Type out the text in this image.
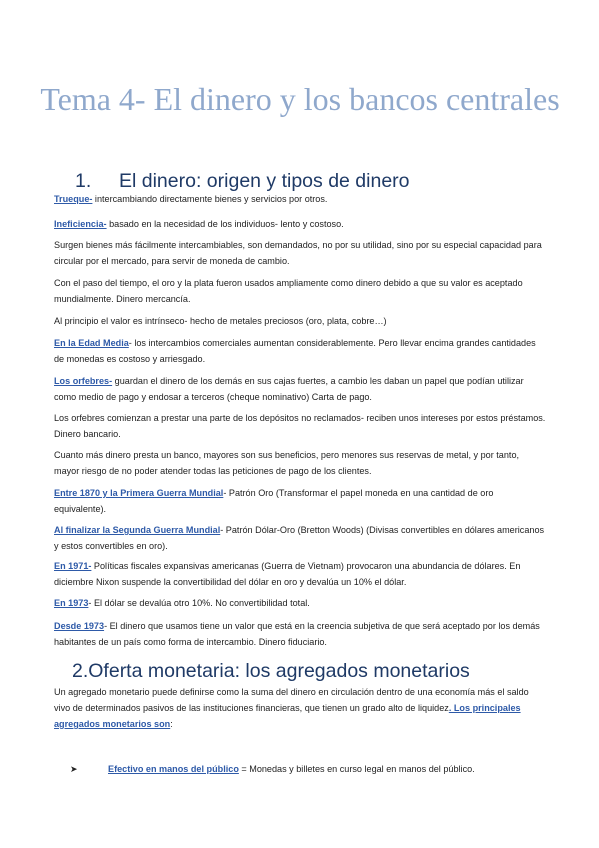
Tema 4- El dinero y los bancos centrales
1. El dinero: origen y tipos de dinero
Trueque- intercambiando directamente bienes y servicios por otros.
Ineficiencia- basado en la necesidad de los individuos- lento y costoso.
Surgen bienes más fácilmente intercambiables, son demandados, no por su utilidad, sino por su especial capacidad para circular por el mercado, para servir de moneda de cambio.
Con el paso del tiempo, el oro y la plata fueron usados ampliamente como dinero debido a que su valor es aceptado mundialmente. Dinero mercancía.
Al principio el valor es intrínseco- hecho de metales preciosos (oro, plata, cobre…)
En la Edad Media- los intercambios comerciales aumentan considerablemente. Pero llevar encima grandes cantidades de monedas es costoso y arriesgado.
Los orfebres- guardan el dinero de los demás en sus cajas fuertes, a cambio les daban un papel que podían utilizar como medio de pago y endosar a terceros (cheque nominativo) Carta de pago.
Los orfebres comienzan a prestar una parte de los depósitos no reclamados- reciben unos intereses por estos préstamos. Dinero bancario.
Cuanto más dinero presta un banco, mayores son sus beneficios, pero menores sus reservas de metal, y por tanto, mayor riesgo de no poder atender todas las peticiones de pago de los clientes.
Entre 1870 y la Primera Guerra Mundial- Patrón Oro (Transformar el papel moneda en una cantidad de oro equivalente).
Al finalizar la Segunda Guerra Mundial- Patrón Dólar-Oro (Bretton Woods) (Divisas convertibles en dólares americanos y estos convertibles en oro).
En 1971- Políticas fiscales expansivas americanas (Guerra de Vietnam) provocaron una abundancia de dólares. En diciembre Nixon suspende la convertibilidad del dólar en oro y devalúa un 10% el dólar.
En 1973- El dólar se devalúa otro 10%. No convertibilidad total.
Desde 1973- El dinero que usamos tiene un valor que está en la creencia subjetiva de que será aceptado por los demás habitantes de un país como forma de intercambio. Dinero fiduciario.
2.Oferta monetaria: los agregados monetarios
Un agregado monetario puede definirse como la suma del dinero en circulación dentro de una economía más el saldo vivo de determinados pasivos de las instituciones financieras, que tienen un grado alto de liquidez. Los principales agregados monetarios son:
➤	Efectivo en manos del público = Monedas y billetes en curso legal en manos del público.
